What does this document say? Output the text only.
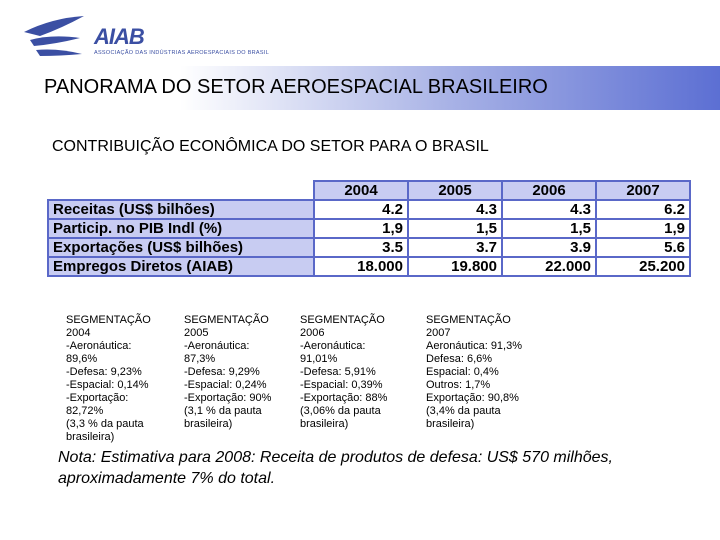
AIAB
ASSOCIAÇÃO DAS INDÚSTRIAS AEROESPACIAIS DO BRASIL
PANORAMA DO SETOR AEROESPACIAL BRASILEIRO
CONTRIBUIÇÃO ECONÔMICA DO SETOR PARA O BRASIL
	2004	2005	2006	2007
Receitas (US$ bilhões)	4.2	4.3	4.3	6.2
Particip. no PIB Indl (%)	1,9	1,5	1,5	1,9
Exportações (US$ bilhões)	3.5	3.7	3.9	5.6
Empregos Diretos (AIAB)	18.000	19.800	22.000	25.200
SEGMENTAÇÃO
2004
-Aeronáutica:
89,6%
-Defesa: 9,23%
-Espacial: 0,14%
-Exportação:
82,72%
(3,3 % da pauta
brasileira)
SEGMENTAÇÃO
2005
-Aeronáutica:
87,3%
-Defesa: 9,29%
-Espacial: 0,24%
-Exportação: 90%
(3,1 % da pauta
brasileira)
SEGMENTAÇÃO
2006
-Aeronáutica:
91,01%
-Defesa: 5,91%
-Espacial: 0,39%
-Exportação: 88%
(3,06% da pauta
brasileira)
SEGMENTAÇÃO
2007
Aeronáutica: 91,3%
Defesa: 6,6%
Espacial: 0,4%
Outros: 1,7%
Exportação: 90,8%
(3,4% da pauta
brasileira)
Nota: Estimativa para 2008: Receita de produtos de defesa: US$ 570 milhões, aproximadamente 7% do total.
